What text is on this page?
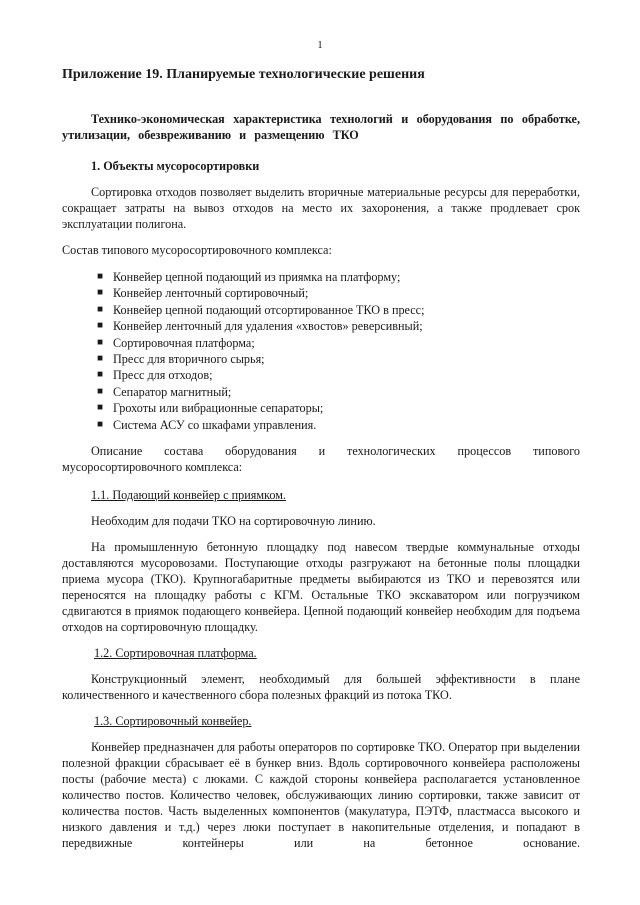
1
Приложение 19. Планируемые технологические решения
Технико-экономическая характеристика технологий и оборудования по обработке, утилизации, обезвреживанию и размещению ТКО
1. Объекты мусоросортировки

Сортировка отходов позволяет выделить вторичные материальные ресурсы для переработки, сокращает затраты на вывоз отходов на место их захоронения, а также продлевает срок эксплуатации полигона.

Состав типового мусоросортировочного комплекса:

■ Конвейер цепной подающий из приямка на платформу;
■ Конвейер ленточный сортировочный;
■ Конвейер цепной подающий отсортированное ТКО в пресс;
■ Конвейер ленточный для удаления «хвостов» реверсивный;
■ Сортировочная платформа;
■ Пресс для вторичного сырья;
■ Пресс для отходов;
■ Сепаратор магнитный;
■ Грохоты или вибрационные сепараторы;
■ Система АСУ со шкафами управления.

Описание состава оборудования и технологических процессов типового

мусоросортировочного комплекса:

1.1. Подающий конвейер с приямком.

Необходим для подачи ТКО на сортировочную линию.

На промышленную бетонную площадку под навесом твердые коммунальные отходы доставляются мусоровозами. Поступающие отходы разгружают на бетонные полы площадки приема мусора (ТКО). Крупногабаритные предметы выбираются из ТКО и перевозятся или переносятся на площадку работы с КГМ. Остальные ТКО экскаватором или погрузчиком сдвигаются в приямок подающего конвейера. Цепной подающий конвейер необходим для подъема отходов на сортировочную площадку.

1.2. Сортировочная платформа.

Конструкционный элемент, необходимый для большей эффективности в плане количественного и качественного сбора полезных фракций из потока ТКО.

1.3. Сортировочный конвейер.

Конвейер предназначен для работы операторов по сортировке ТКО. Оператор при выделении полезной фракции сбрасывает её в бункер вниз. Вдоль сортировочного конвейера расположены посты (рабочие места) с люками. С каждой стороны конвейера располагается установленное количество постов. Количество человек, обслуживающих линию сортировки, также зависит от количества постов. Часть выделенных компонентов (макулатура, ПЭТФ, пластмасса высокого и низкого давления и т.д.) через люки поступает в накопительные отделения, и попадают в передвижные контейнеры или на бетонное основание.
